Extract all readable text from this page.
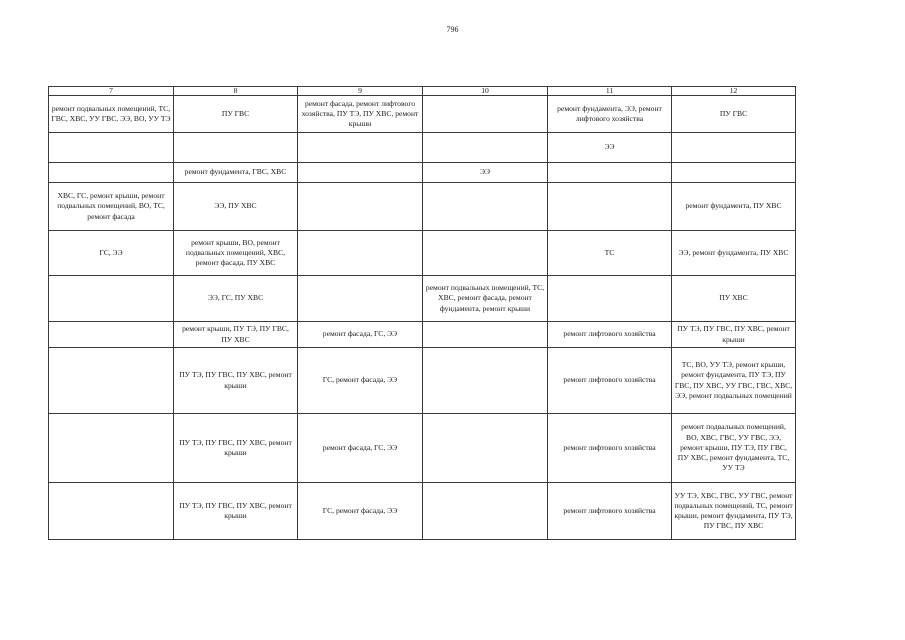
796
7	8	9	10	11	12
ремонт подвальных помещений, ТС, ГВС, ХВС, УУ ГВС, ЭЭ, ВО, УУ ТЭ	ПУ ГВС	ремонт фасада, ремонт лифтового хозяйства, ПУ ТЭ, ПУ ХВС, ремонт крыши		ремонт фундамента, ЭЭ, ремонт лифтового хозяйства	ПУ ГВС
				ЭЭ	
	ремонт фундамента, ГВС, ХВС		ЭЭ		
ХВС, ГС, ремонт крыши, ремонт подвальных помещений, ВО, ТС, ремонт фасада	ЭЭ, ПУ ХВС				ремонт фундамента, ПУ ХВС
ГС, ЭЭ	ремонт крыши, ВО, ремонт подвальных помещений, ХВС, ремонт фасада, ПУ ХВС			ТС	ЭЭ, ремонт фундамента, ПУ ХВС
	ЭЭ, ГС, ПУ ХВС		ремонт подвальных помещений, ТС, ХВС, ремонт фасада, ремонт фундамента, ремонт крыши		ПУ ХВС
	ремонт крыши, ПУ ТЭ, ПУ ГВС, ПУ ХВС	ремонт фасада, ГС, ЭЭ		ремонт лифтового хозяйства	ПУ ТЭ, ПУ ГВС, ПУ ХВС, ремонт крыши
	ПУ ТЭ, ПУ ГВС, ПУ ХВС, ремонт крыши	ГС, ремонт фасада, ЭЭ		ремонт лифтового хозяйства	ТС, ВО, УУ ТЭ, ремонт крыши, ремонт фундамента, ПУ ТЭ, ПУ ГВС, ПУ ХВС, УУ ГВС, ГВС, ХВС, ЭЭ, ремонт подвальных помещений
	ПУ ТЭ, ПУ ГВС, ПУ ХВС, ремонт крыши	ремонт фасада, ГС, ЭЭ		ремонт лифтового хозяйства	ремонт подвальных помещений, ВО, ХВС, ГВС, УУ ГВС, ЭЭ, ремонт крыши, ПУ ТЭ, ПУ ГВС, ПУ ХВС, ремонт фундамента, ТС, УУ ТЭ
	ПУ ТЭ, ПУ ГВС, ПУ ХВС, ремонт крыши	ГС, ремонт фасада, ЭЭ		ремонт лифтового хозяйства	УУ ТЭ, ХВС, ГВС, УУ ГВС, ремонт подвальных помещений, ТС, ремонт крыши, ремонт фундамента, ПУ ТЭ, ПУ ГВС, ПУ ХВС
